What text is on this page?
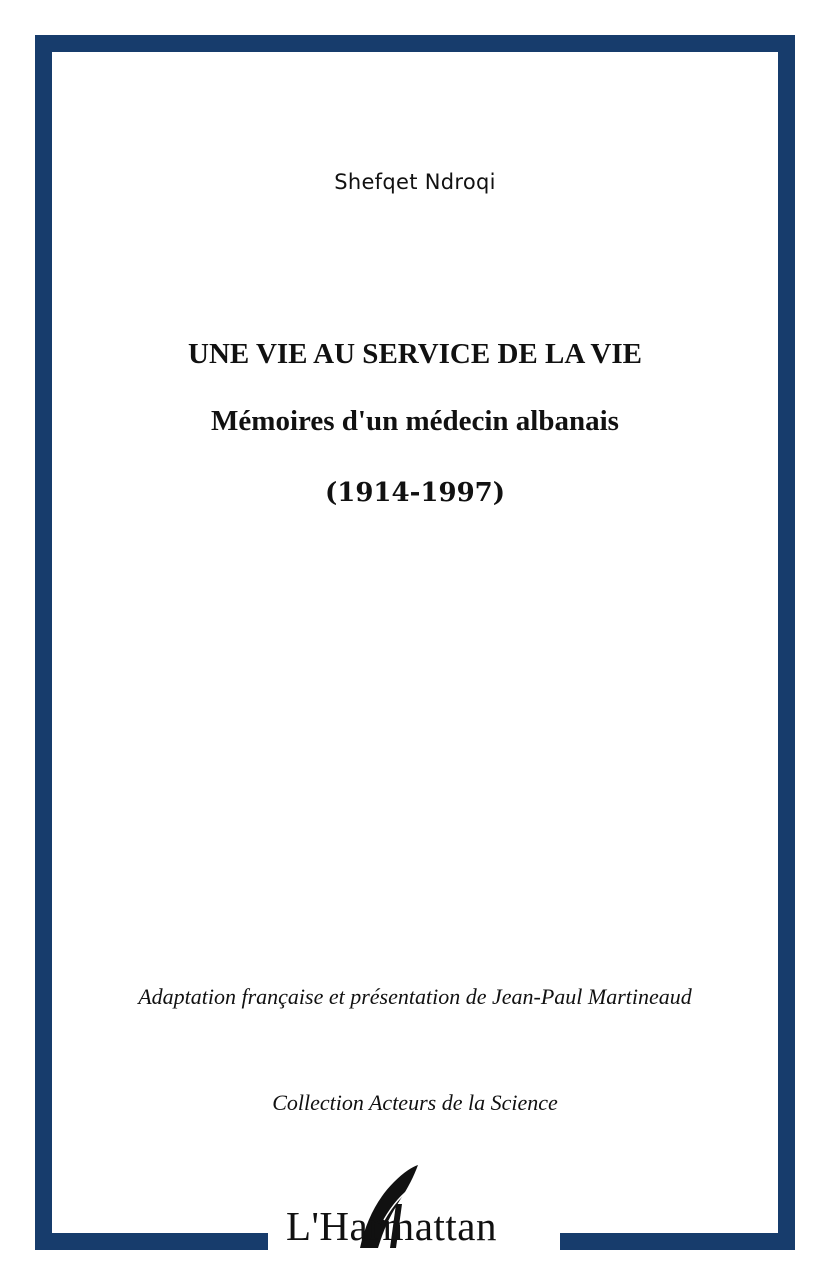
Shefqet Ndroqi
UNE VIE AU SERVICE DE LA VIE
Mémoires d'un médecin albanais
(1914-1997)
Adaptation française et présentation de Jean-Paul Martineaud
Collection Acteurs de la Science
L'Harmattan
